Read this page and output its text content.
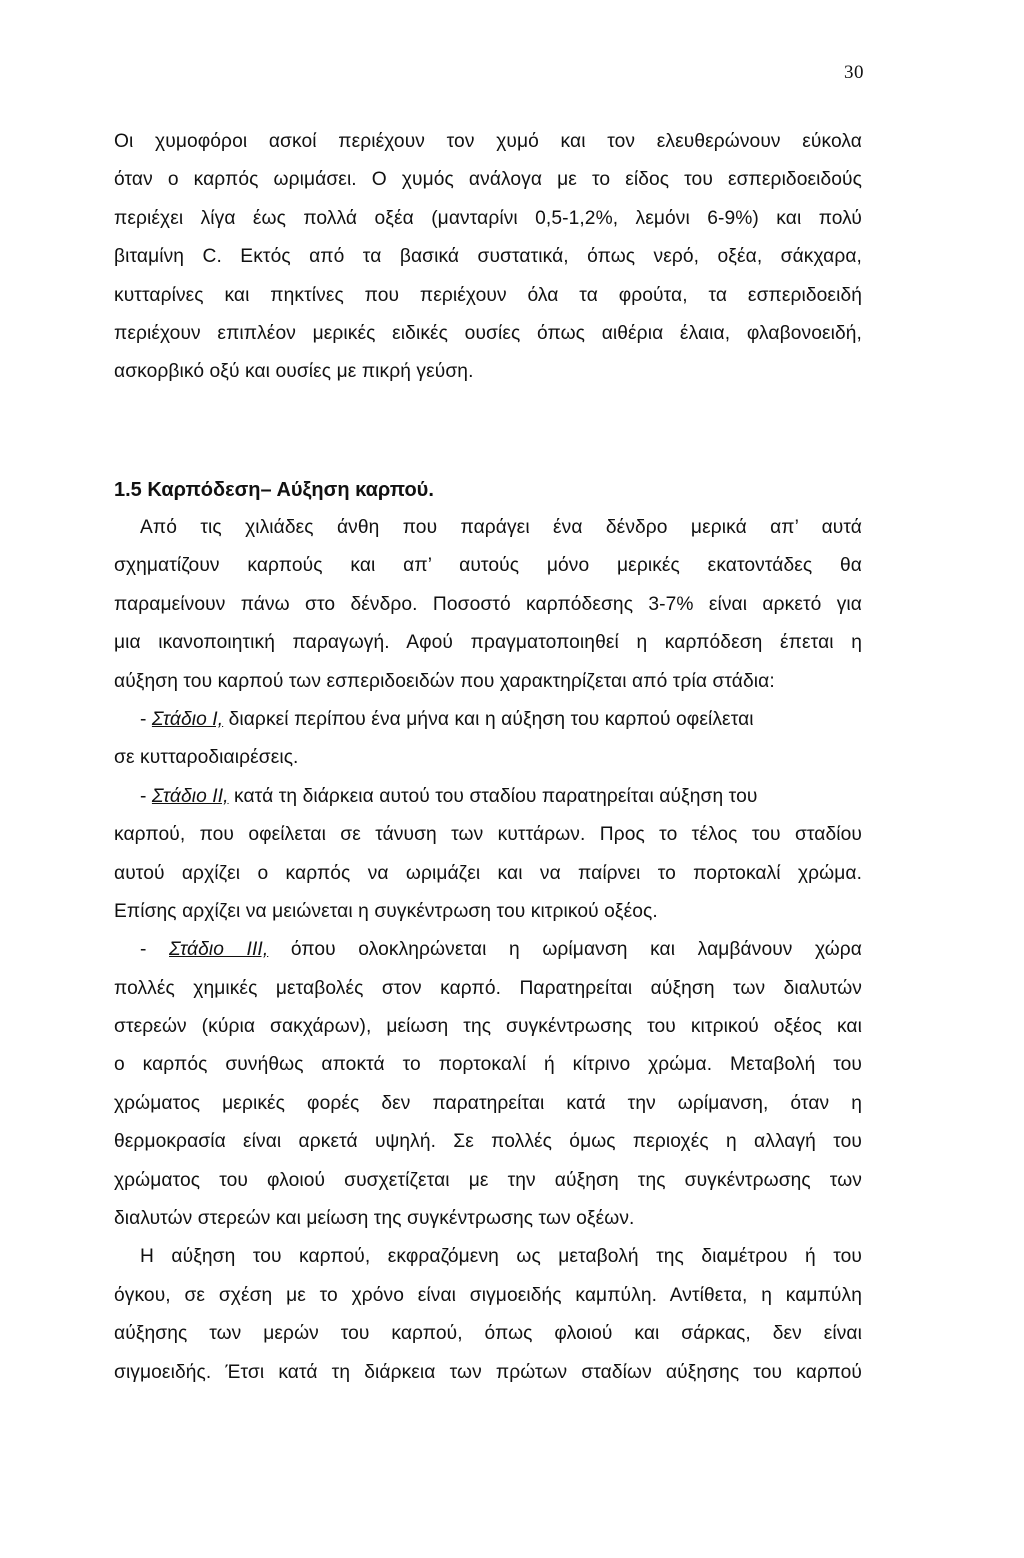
30
Οι χυμοφόροι ασκοί περιέχουν τον χυμό και τον ελευθερώνουν εύκολα
όταν ο καρπός ωριμάσει. Ο χυμός ανάλογα με το είδος του εσπεριδοειδούς
περιέχει λίγα έως πολλά οξέα (μανταρίνι 0,5-1,2%, λεμόνι 6-9%) και πολύ
βιταμίνη C. Εκτός από τα βασικά συστατικά, όπως νερό, οξέα, σάκχαρα,
κυτταρίνες και πηκτίνες που περιέχουν όλα τα φρούτα, τα εσπεριδοειδή
περιέχουν επιπλέον μερικές ειδικές ουσίες όπως αιθέρια έλαια, φλαβονοειδή,
ασκορβικό οξύ και ουσίες με πικρή γεύση.
1.5 Καρπόδεση– Αύξηση καρπού.
Από τις χιλιάδες άνθη που παράγει ένα δένδρο μερικά απ’ αυτά
σχηματίζουν καρπούς και απ’ αυτούς μόνο μερικές εκατοντάδες θα
παραμείνουν πάνω στο δένδρο. Ποσοστό καρπόδεσης 3-7% είναι αρκετό για
μια ικανοποιητική παραγωγή. Αφού πραγματοποιηθεί η καρπόδεση έπεται η
αύξηση του καρπού των εσπεριδοειδών που χαρακτηρίζεται από τρία στάδια:
- Στάδιο Ι, διαρκεί περίπου ένα μήνα και η αύξηση του καρπού οφείλεται
σε κυτταροδιαιρέσεις.
- Στάδιο ΙΙ, κατά τη διάρκεια αυτού του σταδίου παρατηρείται αύξηση του
καρπού, που οφείλεται σε τάνυση των κυττάρων. Προς το τέλος του σταδίου
αυτού αρχίζει ο καρπός να ωριμάζει και να παίρνει το πορτοκαλί χρώμα.
Επίσης αρχίζει να μειώνεται η συγκέντρωση του κιτρικού οξέος.
- Στάδιο ΙΙΙ, όπου ολοκληρώνεται η ωρίμανση και λαμβάνουν χώρα
πολλές χημικές μεταβολές στον καρπό. Παρατηρείται αύξηση των διαλυτών
στερεών (κύρια σακχάρων), μείωση της συγκέντρωσης του κιτρικού οξέος και
ο καρπός συνήθως αποκτά το πορτοκαλί ή κίτρινο χρώμα. Μεταβολή του
χρώματος μερικές φορές δεν παρατηρείται κατά την ωρίμανση, όταν η
θερμοκρασία είναι αρκετά υψηλή. Σε πολλές όμως περιοχές η αλλαγή του
χρώματος του φλοιού συσχετίζεται με την αύξηση της συγκέντρωσης των
διαλυτών στερεών και μείωση της συγκέντρωσης των οξέων.
Η αύξηση του καρπού, εκφραζόμενη ως μεταβολή της διαμέτρου ή του
όγκου, σε σχέση με το χρόνο είναι σιγμοειδής καμπύλη. Αντίθετα, η καμπύλη
αύξησης των μερών του καρπού, όπως φλοιού και σάρκας, δεν είναι
σιγμοειδής. Έτσι κατά τη διάρκεια των πρώτων σταδίων αύξησης του καρπού
